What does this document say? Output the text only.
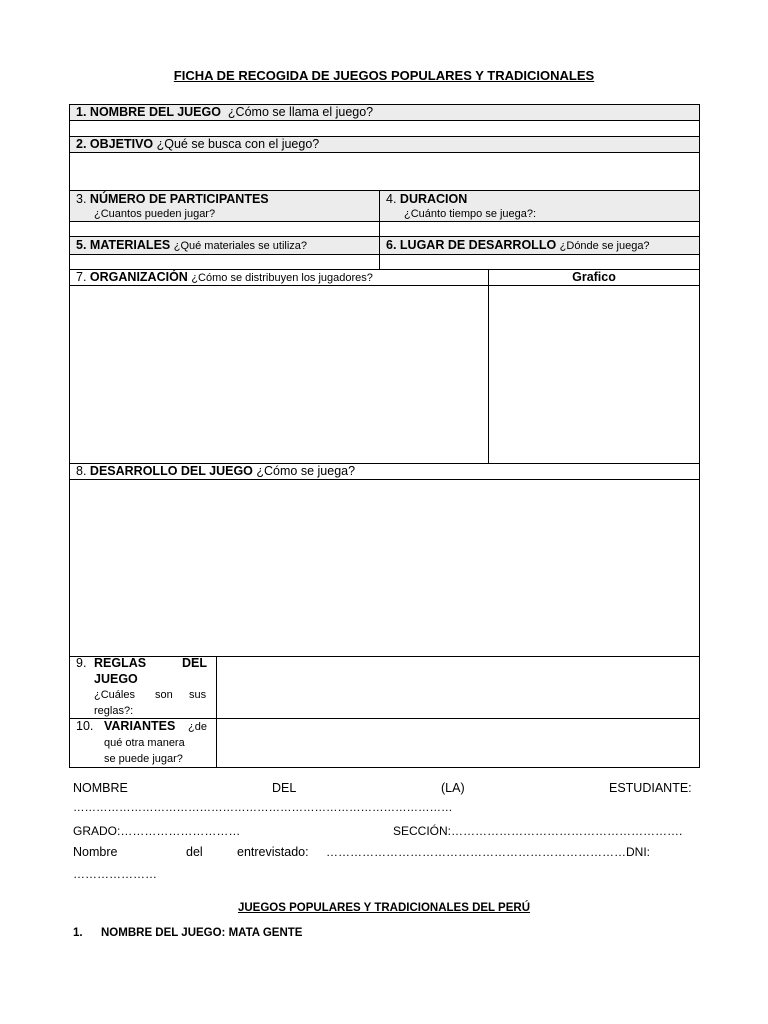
FICHA DE RECOGIDA DE JUEGOS POPULARES Y TRADICIONALES
1. NOMBRE DEL JUEGO ¿Cómo se llama el juego?
2. OBJETIVO ¿Qué se busca con el juego?
3. NÚMERO DE PARTICIPANTES
¿Cuantos pueden jugar?
4. DURACION
¿Cuánto tiempo se juega?:
5. MATERIALES ¿Qué materiales se utiliza?	6. LUGAR DE DESARROLLO ¿Dónde se juega?
7. ORGANIZACIÓN ¿Cómo se distribuyen los jugadores?	Grafico
8. DESARROLLO DEL JUEGO ¿Cómo se juega?
9. REGLAS	DEL
JUEGO
¿Cuáles son sus
reglas?:
10. VARIANTES ¿de
qué otra manera
se puede jugar?
NOMBRE	DEL	(LA)	ESTUDIANTE:
………………………………………………………………………………………
GRADO:…………………………	SECCIÓN:………………………………………………….
Nombre	del	entrevistado: …………………………………………………………………DNI:
…………………
JUEGOS POPULARES Y TRADICIONALES DEL PERÚ
1. NOMBRE DEL JUEGO: MATA GENTE
